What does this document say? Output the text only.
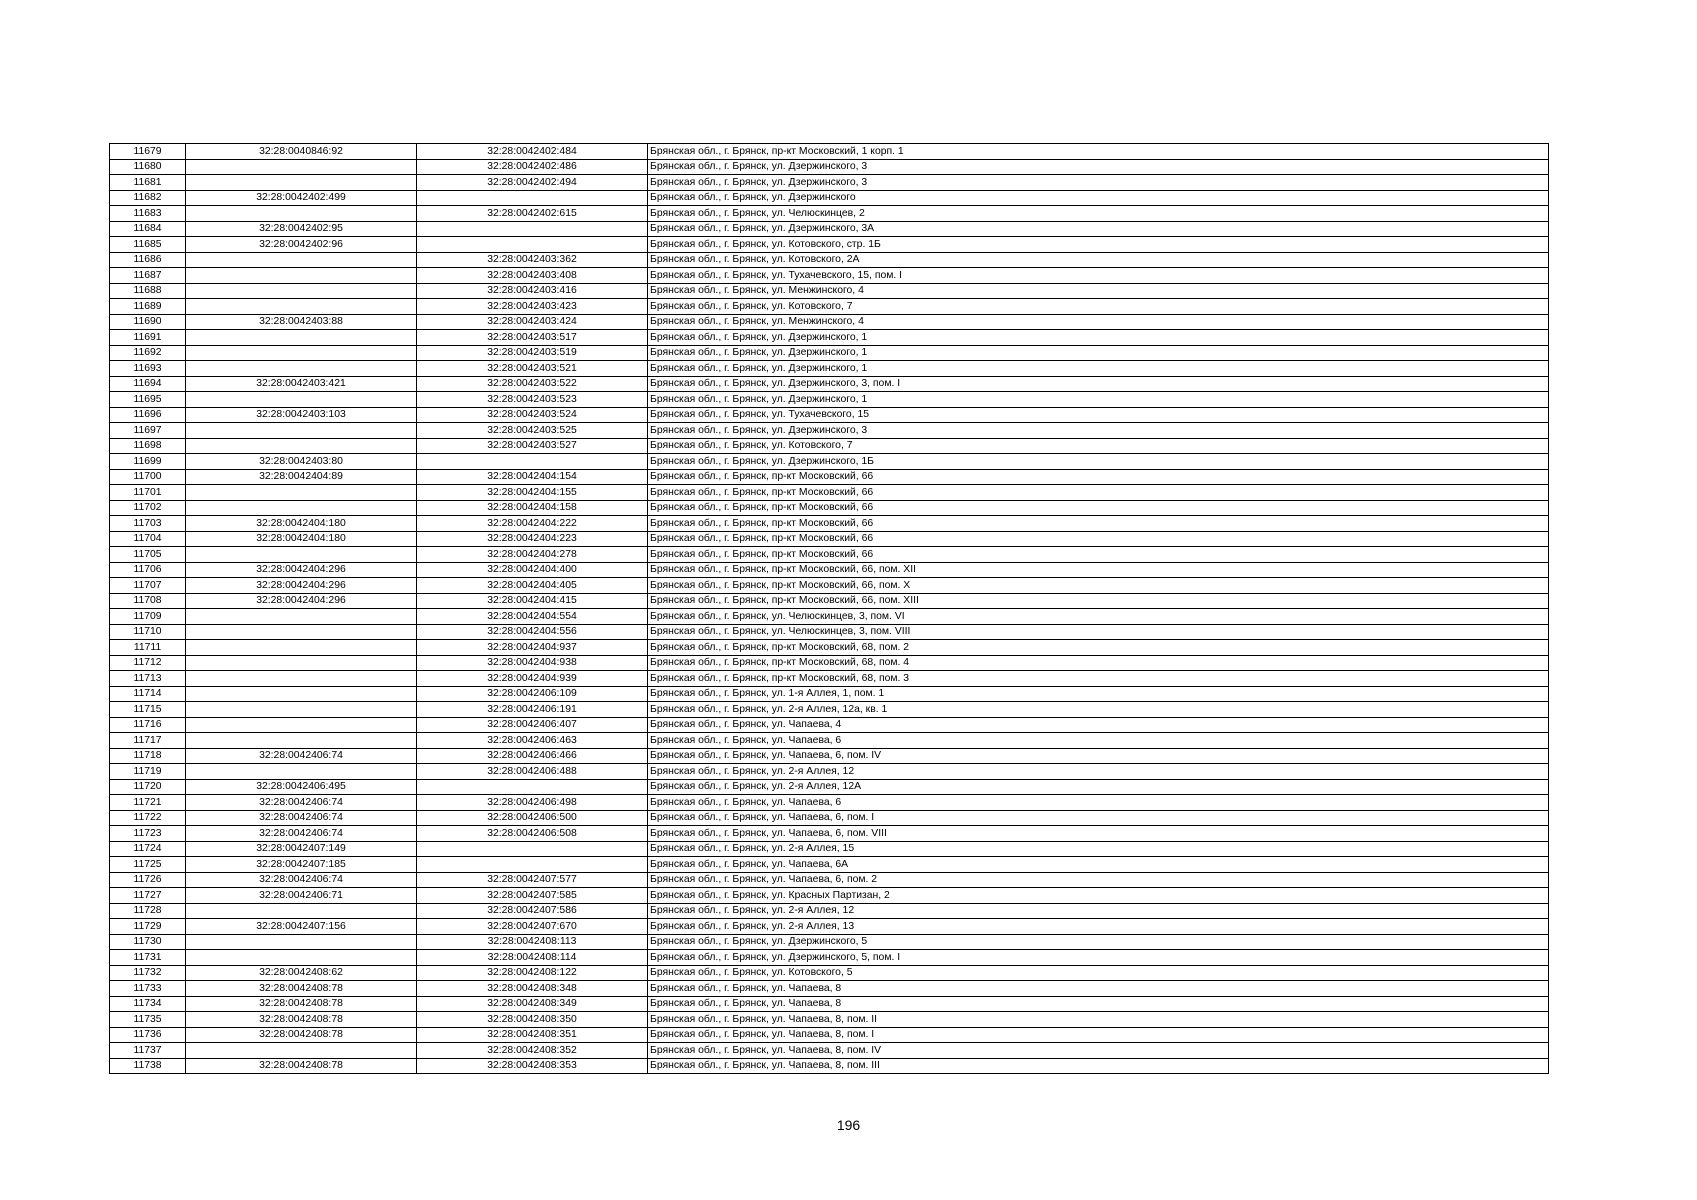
11679	32:28:0040846:92	32:28:0042402:484	Брянская обл., г. Брянск, пр-кт Московский, 1 корп. 1
11680		32:28:0042402:486	Брянская обл., г. Брянск, ул. Дзержинского, 3
11681		32:28:0042402:494	Брянская обл., г. Брянск, ул. Дзержинского, 3
11682	32:28:0042402:499		Брянская обл., г. Брянск, ул. Дзержинского
11683		32:28:0042402:615	Брянская обл., г. Брянск, ул. Челюскинцев, 2
11684	32:28:0042402:95		Брянская обл., г. Брянск, ул. Дзержинского, 3А
11685	32:28:0042402:96		Брянская обл., г. Брянск, ул. Котовского, стр. 1Б
11686		32:28:0042403:362	Брянская обл., г. Брянск, ул. Котовского, 2А
11687		32:28:0042403:408	Брянская обл., г. Брянск, ул. Тухачевского, 15, пом. I
11688		32:28:0042403:416	Брянская обл., г. Брянск, ул. Менжинского, 4
11689		32:28:0042403:423	Брянская обл., г. Брянск, ул. Котовского, 7
11690	32:28:0042403:88	32:28:0042403:424	Брянская обл., г. Брянск, ул. Менжинского, 4
11691		32:28:0042403:517	Брянская обл., г. Брянск, ул. Дзержинского, 1
11692		32:28:0042403:519	Брянская обл., г. Брянск, ул. Дзержинского, 1
11693		32:28:0042403:521	Брянская обл., г. Брянск, ул. Дзержинского, 1
11694	32:28:0042403:421	32:28:0042403:522	Брянская обл., г. Брянск, ул. Дзержинского, 3, пом. I
11695		32:28:0042403:523	Брянская обл., г. Брянск, ул. Дзержинского, 1
11696	32:28:0042403:103	32:28:0042403:524	Брянская обл., г. Брянск, ул. Тухачевского, 15
11697		32:28:0042403:525	Брянская обл., г. Брянск, ул. Дзержинского, 3
11698		32:28:0042403:527	Брянская обл., г. Брянск, ул. Котовского, 7
11699	32:28:0042403:80		Брянская обл., г. Брянск, ул. Дзержинского, 1Б
11700	32:28:0042404:89	32:28:0042404:154	Брянская обл., г. Брянск, пр-кт Московский, 66
11701		32:28:0042404:155	Брянская обл., г. Брянск, пр-кт Московский, 66
11702		32:28:0042404:158	Брянская обл., г. Брянск, пр-кт Московский, 66
11703	32:28:0042404:180	32:28:0042404:222	Брянская обл., г. Брянск, пр-кт Московский, 66
11704	32:28:0042404:180	32:28:0042404:223	Брянская обл., г. Брянск, пр-кт Московский, 66
11705		32:28:0042404:278	Брянская обл., г. Брянск, пр-кт Московский, 66
11706	32:28:0042404:296	32:28:0042404:400	Брянская обл., г. Брянск, пр-кт Московский, 66, пом. XII
11707	32:28:0042404:296	32:28:0042404:405	Брянская обл., г. Брянск, пр-кт Московский, 66, пом. X
11708	32:28:0042404:296	32:28:0042404:415	Брянская обл., г. Брянск, пр-кт Московский, 66, пом. XIII
11709		32:28:0042404:554	Брянская обл., г. Брянск, ул. Челюскинцев, 3, пом. VI
11710		32:28:0042404:556	Брянская обл., г. Брянск, ул. Челюскинцев, 3, пом. VIII
11711		32:28:0042404:937	Брянская обл., г. Брянск, пр-кт Московский, 68, пом. 2
11712		32:28:0042404:938	Брянская обл., г. Брянск, пр-кт Московский, 68, пом. 4
11713		32:28:0042404:939	Брянская обл., г. Брянск, пр-кт Московский, 68, пом. 3
11714		32:28:0042406:109	Брянская обл., г. Брянск, ул. 1-я Аллея, 1, пом. 1
11715		32:28:0042406:191	Брянская обл., г. Брянск, ул. 2-я Аллея, 12а, кв. 1
11716		32:28:0042406:407	Брянская обл., г. Брянск, ул. Чапаева, 4
11717		32:28:0042406:463	Брянская обл., г. Брянск, ул. Чапаева, 6
11718	32:28:0042406:74	32:28:0042406:466	Брянская обл., г. Брянск, ул. Чапаева, 6, пом. IV
11719		32:28:0042406:488	Брянская обл., г. Брянск, ул. 2-я Аллея, 12
11720	32:28:0042406:495		Брянская обл., г. Брянск, ул. 2-я Аллея, 12А
11721	32:28:0042406:74	32:28:0042406:498	Брянская обл., г. Брянск, ул. Чапаева, 6
11722	32:28:0042406:74	32:28:0042406:500	Брянская обл., г. Брянск, ул. Чапаева, 6, пом. I
11723	32:28:0042406:74	32:28:0042406:508	Брянская обл., г. Брянск, ул. Чапаева, 6, пом. VIII
11724	32:28:0042407:149		Брянская обл., г. Брянск, ул. 2-я Аллея, 15
11725	32:28:0042407:185		Брянская обл., г. Брянск, ул. Чапаева, 6А
11726	32:28:0042406:74	32:28:0042407:577	Брянская обл., г. Брянск, ул. Чапаева, 6, пом. 2
11727	32:28:0042406:71	32:28:0042407:585	Брянская обл., г. Брянск, ул. Красных Партизан, 2
11728		32:28:0042407:586	Брянская обл., г. Брянск, ул. 2-я Аллея, 12
11729	32:28:0042407:156	32:28:0042407:670	Брянская обл., г. Брянск, ул. 2-я Аллея, 13
11730		32:28:0042408:113	Брянская обл., г. Брянск, ул. Дзержинского, 5
11731		32:28:0042408:114	Брянская обл., г. Брянск, ул. Дзержинского, 5, пом. I
11732	32:28:0042408:62	32:28:0042408:122	Брянская обл., г. Брянск, ул. Котовского, 5
11733	32:28:0042408:78	32:28:0042408:348	Брянская обл., г. Брянск, ул. Чапаева, 8
11734	32:28:0042408:78	32:28:0042408:349	Брянская обл., г. Брянск, ул. Чапаева, 8
11735	32:28:0042408:78	32:28:0042408:350	Брянская обл., г. Брянск, ул. Чапаева, 8, пом. II
11736	32:28:0042408:78	32:28:0042408:351	Брянская обл., г. Брянск, ул. Чапаева, 8, пом. I
11737		32:28:0042408:352	Брянская обл., г. Брянск, ул. Чапаева, 8, пом. IV
11738	32:28:0042408:78	32:28:0042408:353	Брянская обл., г. Брянск, ул. Чапаева, 8, пом. III
196
